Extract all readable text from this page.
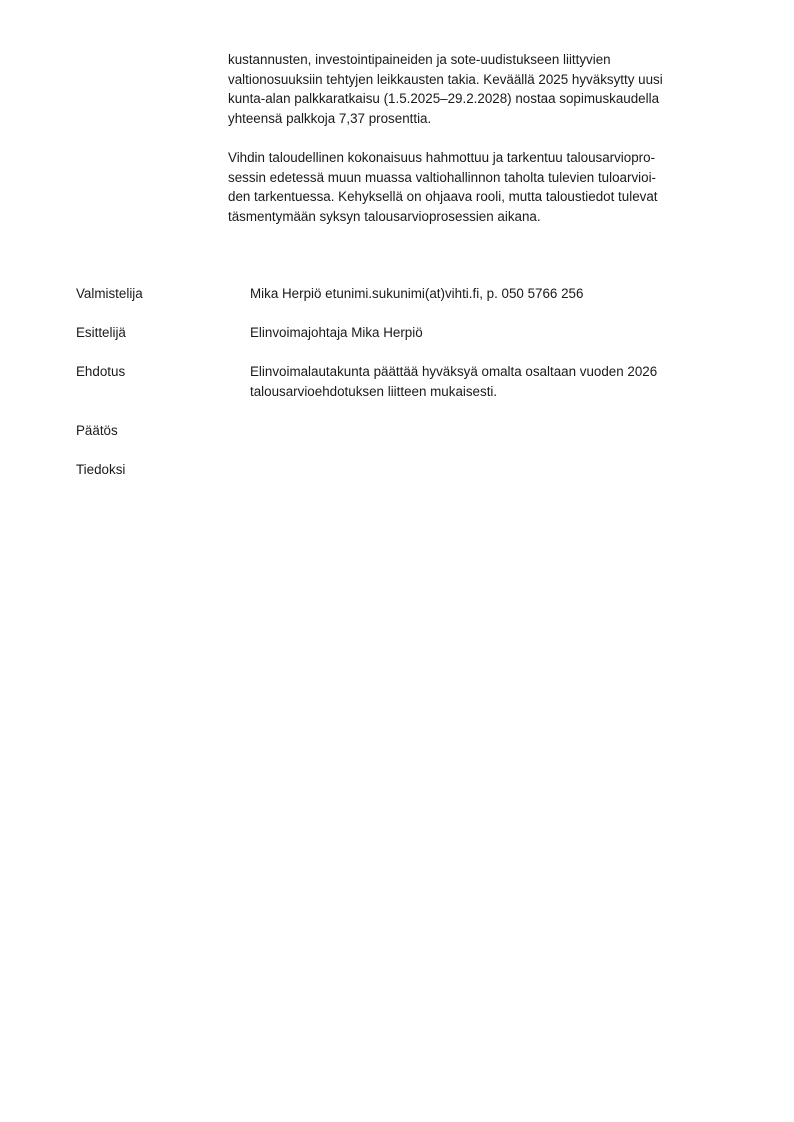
kustannusten, investointipaineiden ja sote-uudistukseen liittyvien
valtionosuuksiin tehtyjen leikkausten takia. Keväällä 2025 hyväksytty uusi
kunta-alan palkkaratkaisu (1.5.2025–29.2.2028) nostaa sopimuskaudella
yhteensä palkkoja 7,37 prosenttia.

Vihdin taloudellinen kokonaisuus hahmottuu ja tarkentuu talousarviopro-
sessin edetessä muun muassa valtiohallinnon taholta tulevien tuloarvioi-
den tarkentuessa. Kehyksellä on ohjaava rooli, mutta taloustiedot tulevat
täsmentymään syksyn talousarvioprosessien aikana.

Valmistelija	Mika Herpiö etunimi.sukunimi(at)vihti.fi, p. 050 5766 256
Esittelijä	Elinvoimajohtaja Mika Herpiö
Ehdotus	Elinvoimalautakunta päättää hyväksyä omalta osaltaan vuoden 2026
talousarvioehdotuksen liitteen mukaisesti.
Päätös
Tiedoksi
